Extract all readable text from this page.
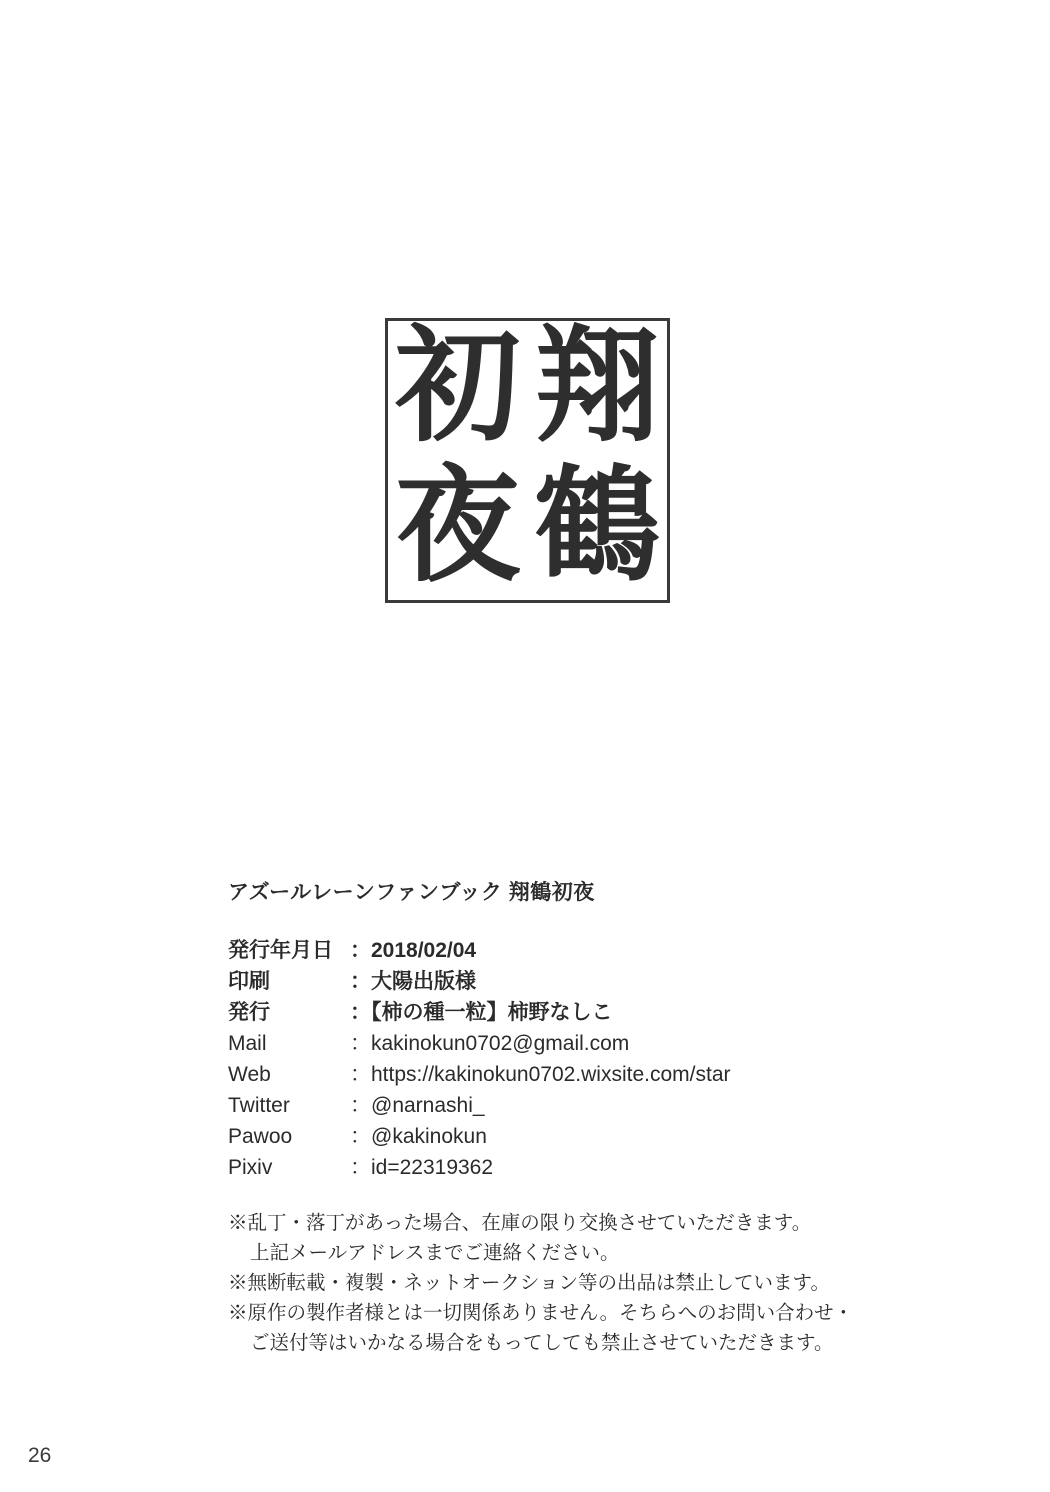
翔
初
鶴
夜
アズールレーンファンブック 翔鶴初夜
発行年月日 ：2018/02/04
印刷	：大陽出版様
発行	：【柿の種一粒】柿野なしこ
Mail	：kakinokun0702@gmail.com
Web	：https://kakinokun0702.wixsite.com/star
Twitter	：@narnashi_
Pawoo	：@kakinokun
Pixiv	：id=22319362
※乱丁・落丁があった場合、在庫の限り交換させていただきます。
上記メールアドレスまでご連絡ください。
※無断転載・複製・ネットオークション等の出品は禁止しています。
※原作の製作者様とは一切関係ありません。そちらへのお問い合わせ・
ご送付等はいかなる場合をもってしても禁止させていただきます。
26
